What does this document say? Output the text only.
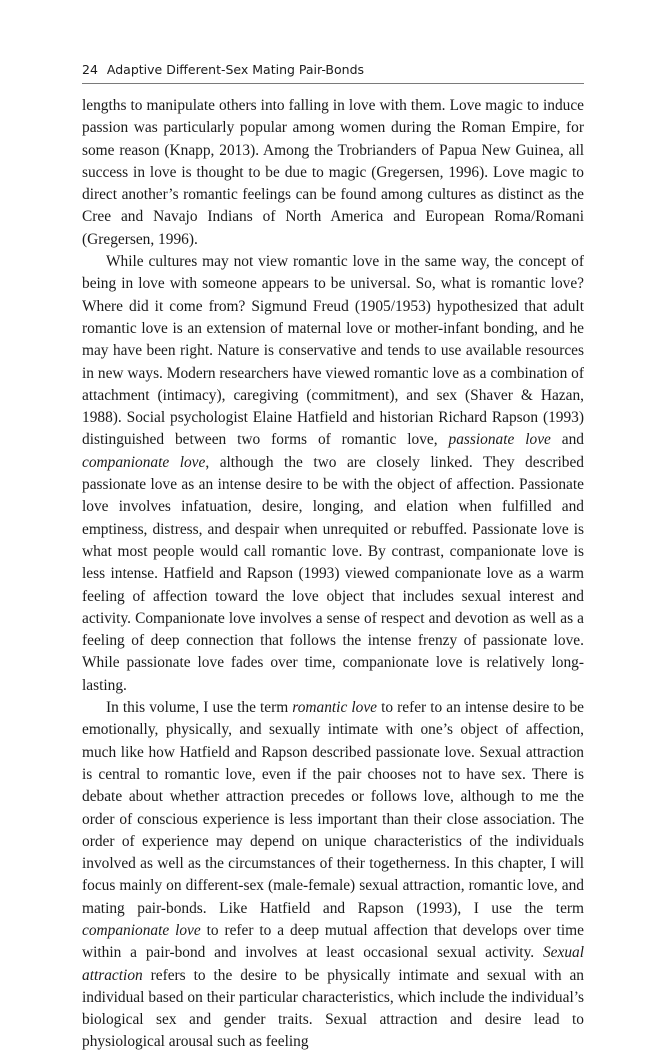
24 Adaptive Different-Sex Mating Pair-Bonds

lengths to manipulate others into falling in love with them. Love magic to induce passion was particularly popular among women during the Roman Empire, for some reason (Knapp, 2013). Among the Trobrianders of Papua New Guinea, all success in love is thought to be due to magic (Gregersen, 1996). Love magic to direct another’s romantic feelings can be found among cultures as distinct as the Cree and Navajo Indians of North America and European Roma/Romani (Gregersen, 1996).

While cultures may not view romantic love in the same way, the concept of being in love with someone appears to be universal. So, what is romantic love? Where did it come from? Sigmund Freud (1905/1953) hypothesized that adult romantic love is an extension of maternal love or mother-infant bonding, and he may have been right. Nature is conservative and tends to use available resources in new ways. Modern researchers have viewed romantic love as a combination of attachment (intimacy), caregiving (commitment), and sex (Shaver & Hazan, 1988). Social psychologist Elaine Hatfield and historian Richard Rapson (1993) distinguished between two forms of romantic love, passionate love and companionate love, although the two are closely linked. They described passionate love as an intense desire to be with the object of affection. Passionate love involves infatuation, desire, longing, and elation when fulfilled and emptiness, distress, and despair when unrequited or rebuffed. Passionate love is what most people would call romantic love. By contrast, companionate love is less intense. Hatfield and Rapson (1993) viewed companionate love as a warm feeling of affection toward the love object that includes sexual interest and activity. Companionate love involves a sense of respect and devotion as well as a feeling of deep connection that follows the intense frenzy of passionate love. While passionate love fades over time, companionate love is relatively long-lasting.

In this volume, I use the term romantic love to refer to an intense desire to be emotionally, physically, and sexually intimate with one’s object of affection, much like how Hatfield and Rapson described passionate love. Sexual attraction is central to romantic love, even if the pair chooses not to have sex. There is debate about whether attraction precedes or follows love, although to me the order of conscious experience is less important than their close association. The order of experience may depend on unique characteristics of the individuals involved as well as the circumstances of their togetherness. In this chapter, I will focus mainly on different-sex (male-female) sexual attraction, romantic love, and mating pair-bonds. Like Hatfield and Rapson (1993), I use the term companionate love to refer to a deep mutual affection that develops over time within a pair-bond and involves at least occasional sexual activity. Sexual attraction refers to the desire to be physically intimate and sexual with an individual based on their particular characteristics, which include the individual’s biological sex and gender traits. Sexual attraction and desire lead to physiological arousal such as feeling
